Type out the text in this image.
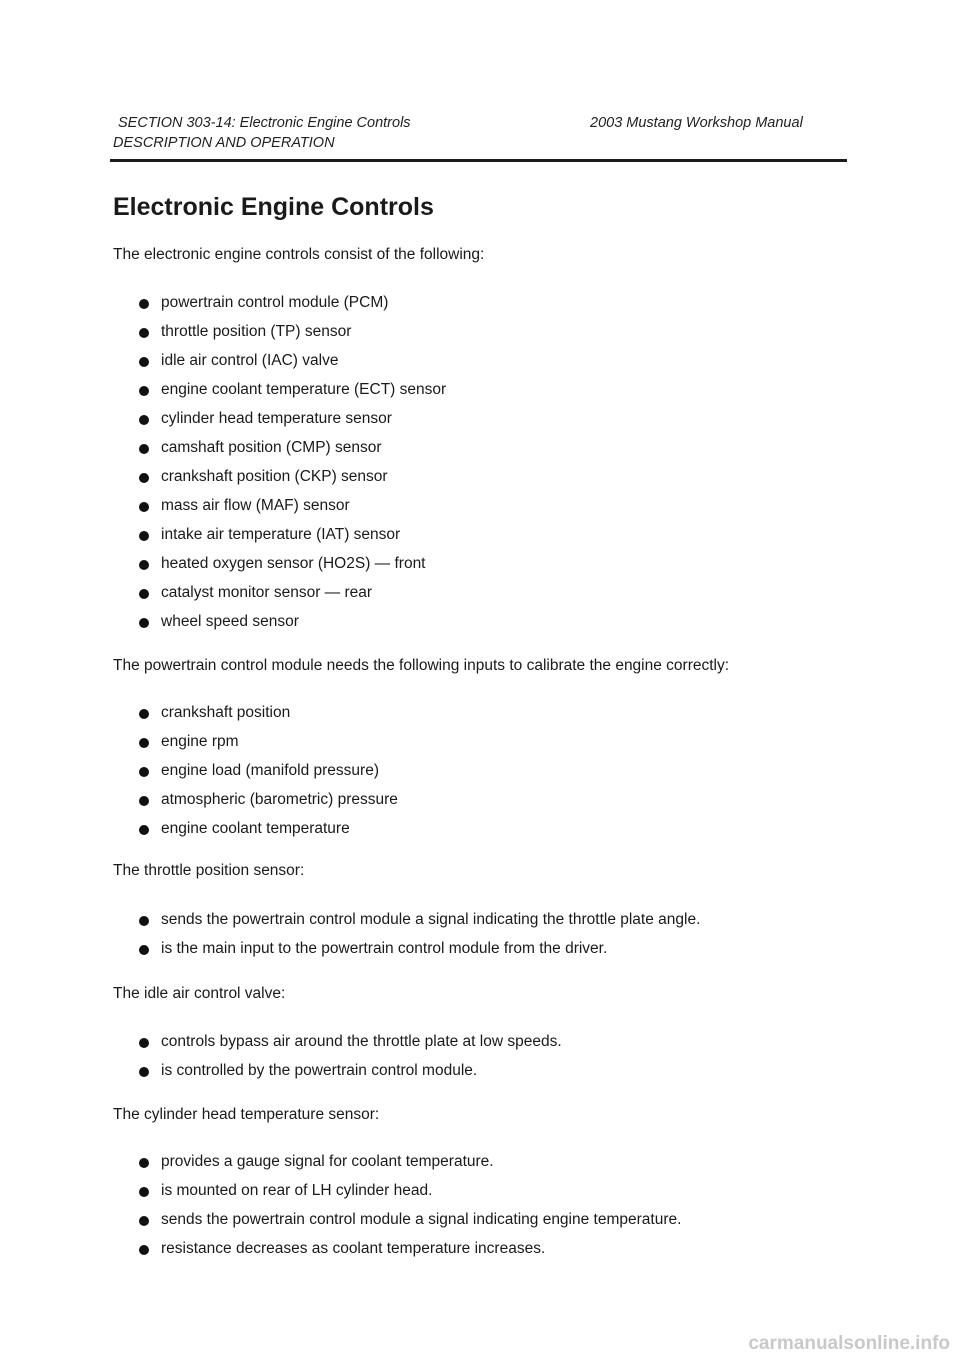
SECTION 303-14: Electronic Engine Controls	2003 Mustang Workshop Manual
DESCRIPTION AND OPERATION
Electronic Engine Controls

The electronic engine controls consist of the following:

powertrain control module (PCM)
throttle position (TP) sensor
idle air control (IAC) valve
engine coolant temperature (ECT) sensor
cylinder head temperature sensor
camshaft position (CMP) sensor
crankshaft position (CKP) sensor
mass air flow (MAF) sensor
intake air temperature (IAT) sensor
heated oxygen sensor (HO2S) — front
catalyst monitor sensor — rear
wheel speed sensor

The powertrain control module needs the following inputs to calibrate the engine correctly:

crankshaft position
engine rpm
engine load (manifold pressure)
atmospheric (barometric) pressure
engine coolant temperature

The throttle position sensor:

sends the powertrain control module a signal indicating the throttle plate angle.
is the main input to the powertrain control module from the driver.

The idle air control valve:

controls bypass air around the throttle plate at low speeds.
is controlled by the powertrain control module.

The cylinder head temperature sensor:

provides a gauge signal for coolant temperature.
is mounted on rear of LH cylinder head.
sends the powertrain control module a signal indicating engine temperature.
resistance decreases as coolant temperature increases.
carmanualsonline.info
